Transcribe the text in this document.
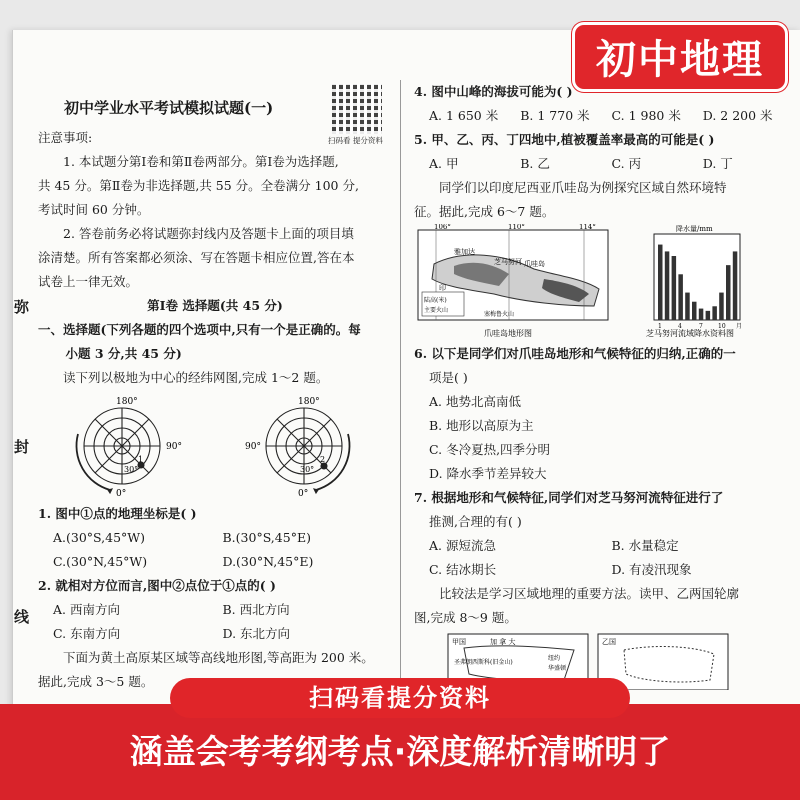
弥
封
线
扫码看 提分资料
初中学业水平考试模拟试题(一)
注意事项:
1. 本试题分第Ⅰ卷和第Ⅱ卷两部分。第Ⅰ卷为选择题,
共 45 分。第Ⅱ卷为非选择题,共 55 分。全卷满分 100 分,
考试时间 60 分钟。
2. 答卷前务必将试题弥封线内及答题卡上面的项目填
涂清楚。所有答案都必须涂、写在答题卡相应位置,答在本
试卷上一律无效。
第Ⅰ卷 选择题(共 45 分)
一、选择题(下列各题的四个选项中,只有一个是正确的。每
小题 3 分,共 45 分)
读下列以极地为中心的经纬网图,完成 1～2 题。
180°
0°
90°
30°
1
180°
0°
90°
30°
2
1. 图中①点的地理坐标是( )
A.(30°S,45°W)	B.(30°S,45°E)
C.(30°N,45°W)	D.(30°N,45°E)
2. 就相对方位而言,图中②点位于①点的( )
A. 西南方向	B. 西北方向
C. 东南方向	D. 东北方向
下面为黄土高原某区域等高线地形图,等高距为 200 米。
据此,完成 3～5 题。
4. 图中山峰的海拔可能为( )
A. 1 650 米	B. 1 770 米	C. 1 980 米	D. 2 200 米
5. 甲、乙、丙、丁四地中,植被覆盖率最高的可能是( )
A. 甲	B. 乙	C. 丙	D. 丁
同学们以印度尼西亚爪哇岛为例探究区域自然环境特
征。据此,完成 6～7 题。
106°	110°	114°
雅加达
芝马努河 爪哇岛
印
陆高(米)
主要火山
塞梅鲁火山
爪哇岛地形图
降水量/mm
芝马努河流域降水资料图
1	4	7	10 月
6. 以下是同学们对爪哇岛地形和气候特征的归纳,正确的一
项是( )
A. 地势北高南低
B. 地形以高原为主
C. 冬冷夏热,四季分明
D. 降水季节差异较大
7. 根据地形和气候特征,同学们对芝马努河流特征进行了
推测,合理的有( )
A. 源短流急	B. 水量稳定
C. 结冰期长	D. 有凌汛现象
比较法是学习区域地理的重要方法。读甲、乙两国轮廓
图,完成 8～9 题。
甲国	加 拿 大
圣弗朗西斯科(旧金山)
纽约
华盛顿
乙国
初中地理
扫码看提分资料
涵盖会考考纲考点·深度解析清晰明了
